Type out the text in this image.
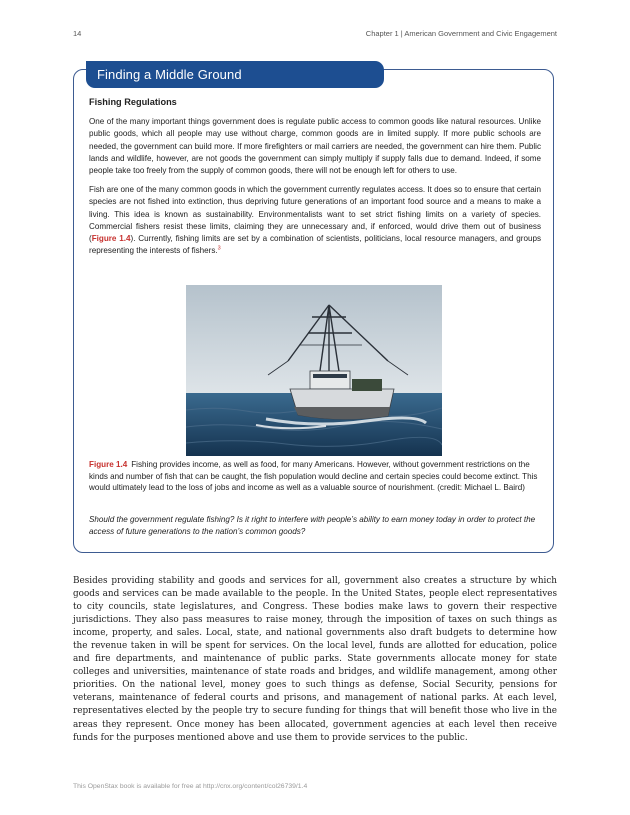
14	Chapter 1 | American Government and Civic Engagement
Finding a Middle Ground
Fishing Regulations

One of the many important things government does is regulate public access to common goods like natural resources. Unlike public goods, which all people may use without charge, common goods are in limited supply. If more public schools are needed, the government can build more. If more firefighters or mail carriers are needed, the government can hire them. Public lands and wildlife, however, are not goods the government can simply multiply if supply falls due to demand. Indeed, if some people take too freely from the supply of common goods, there will not be enough left for others to use.

Fish are one of the many common goods in which the government currently regulates access. It does so to ensure that certain species are not fished into extinction, thus depriving future generations of an important food source and a means to make a living. This idea is known as sustainability. Environmentalists want to set strict fishing limits on a variety of species. Commercial fishers resist these limits, claiming they are unnecessary and, if enforced, would drive them out of business (Figure 1.4). Currently, fishing limits are set by a combination of scientists, politicians, local resource managers, and groups representing the interests of fishers.$^3$

Figure 1.4 Fishing provides income, as well as food, for many Americans. However, without government restrictions on the kinds and number of fish that can be caught, the fish population would decline and certain species could become extinct. This would ultimately lead to the loss of jobs and income as well as a valuable source of nourishment. (credit: Michael L. Baird)
Should the government regulate fishing? Is it right to interfere with people’s ability to earn money today in order to protect the access of future generations to the nation’s common goods?

Besides providing stability and goods and services for all, government also creates a structure by which goods and services can be made available to the people. In the United States, people elect representatives to city councils, state legislatures, and Congress. These bodies make laws to govern their respective jurisdictions. They also pass measures to raise money, through the imposition of taxes on such things as income, property, and sales. Local, state, and national governments also draft budgets to determine how the revenue taken in will be spent for services. On the local level, funds are allotted for education, police and fire departments, and maintenance of public parks. State governments allocate money for state colleges and universities, maintenance of state roads and bridges, and wildlife management, among other priorities. On the national level, money goes to such things as defense, Social Security, pensions for veterans, maintenance of federal courts and prisons, and management of national parks. At each level, representatives elected by the people try to secure funding for things that will benefit those who live in the areas they represent. Once money has been allocated, government agencies at each level then receive funds for the purposes mentioned above and use them to provide services to the public.

This OpenStax book is available for free at http://cnx.org/content/col26739/1.4
